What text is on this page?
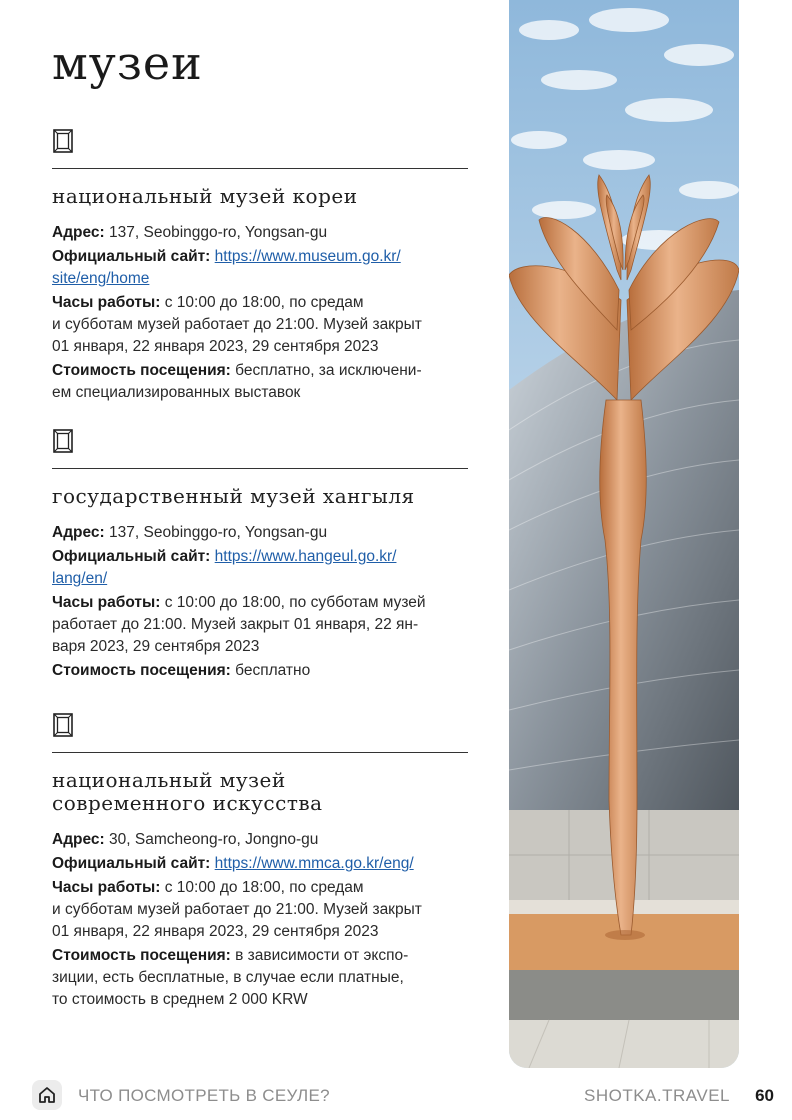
музеи
национальный музей кореи

Адрес: 137, Seobinggo-ro, Yongsan-gu

Официальный сайт: https://www.museum.go.kr/
site/eng/home

Часы работы: с 10:00 до 18:00, по средам
и субботам музей работает до 21:00. Музей закрыт
01 января, 22 января 2023, 29 сентября 2023

Стоимость посещения: бесплатно, за исключени-
ем специализированных выставок

государственный музей хангыля

Адрес: 137, Seobinggo-ro, Yongsan-gu

Официальный сайт: https://www.hangeul.go.kr/
lang/en/

Часы работы: с 10:00 до 18:00, по субботам музей
работает до 21:00. Музей закрыт 01 января, 22 ян-
варя 2023, 29 сентября 2023

Стоимость посещения: бесплатно

национальный музей
современного искусства

Адрес: 30, Samcheong-ro, Jongno-gu

Официальный сайт: https://www.mmca.go.kr/eng/

Часы работы: с 10:00 до 18:00, по средам
и субботам музей работает до 21:00. Музей закрыт
01 января, 22 января 2023, 29 сентября 2023

Стоимость посещения: в зависимости от экспо-
зиции, есть бесплатные, в случае если платные,
то стоимость в среднем 2 000 KRW

ЧТО ПОСМОТРЕТЬ В СЕУЛЕ?	SHOTKA.TRAVEL 60
